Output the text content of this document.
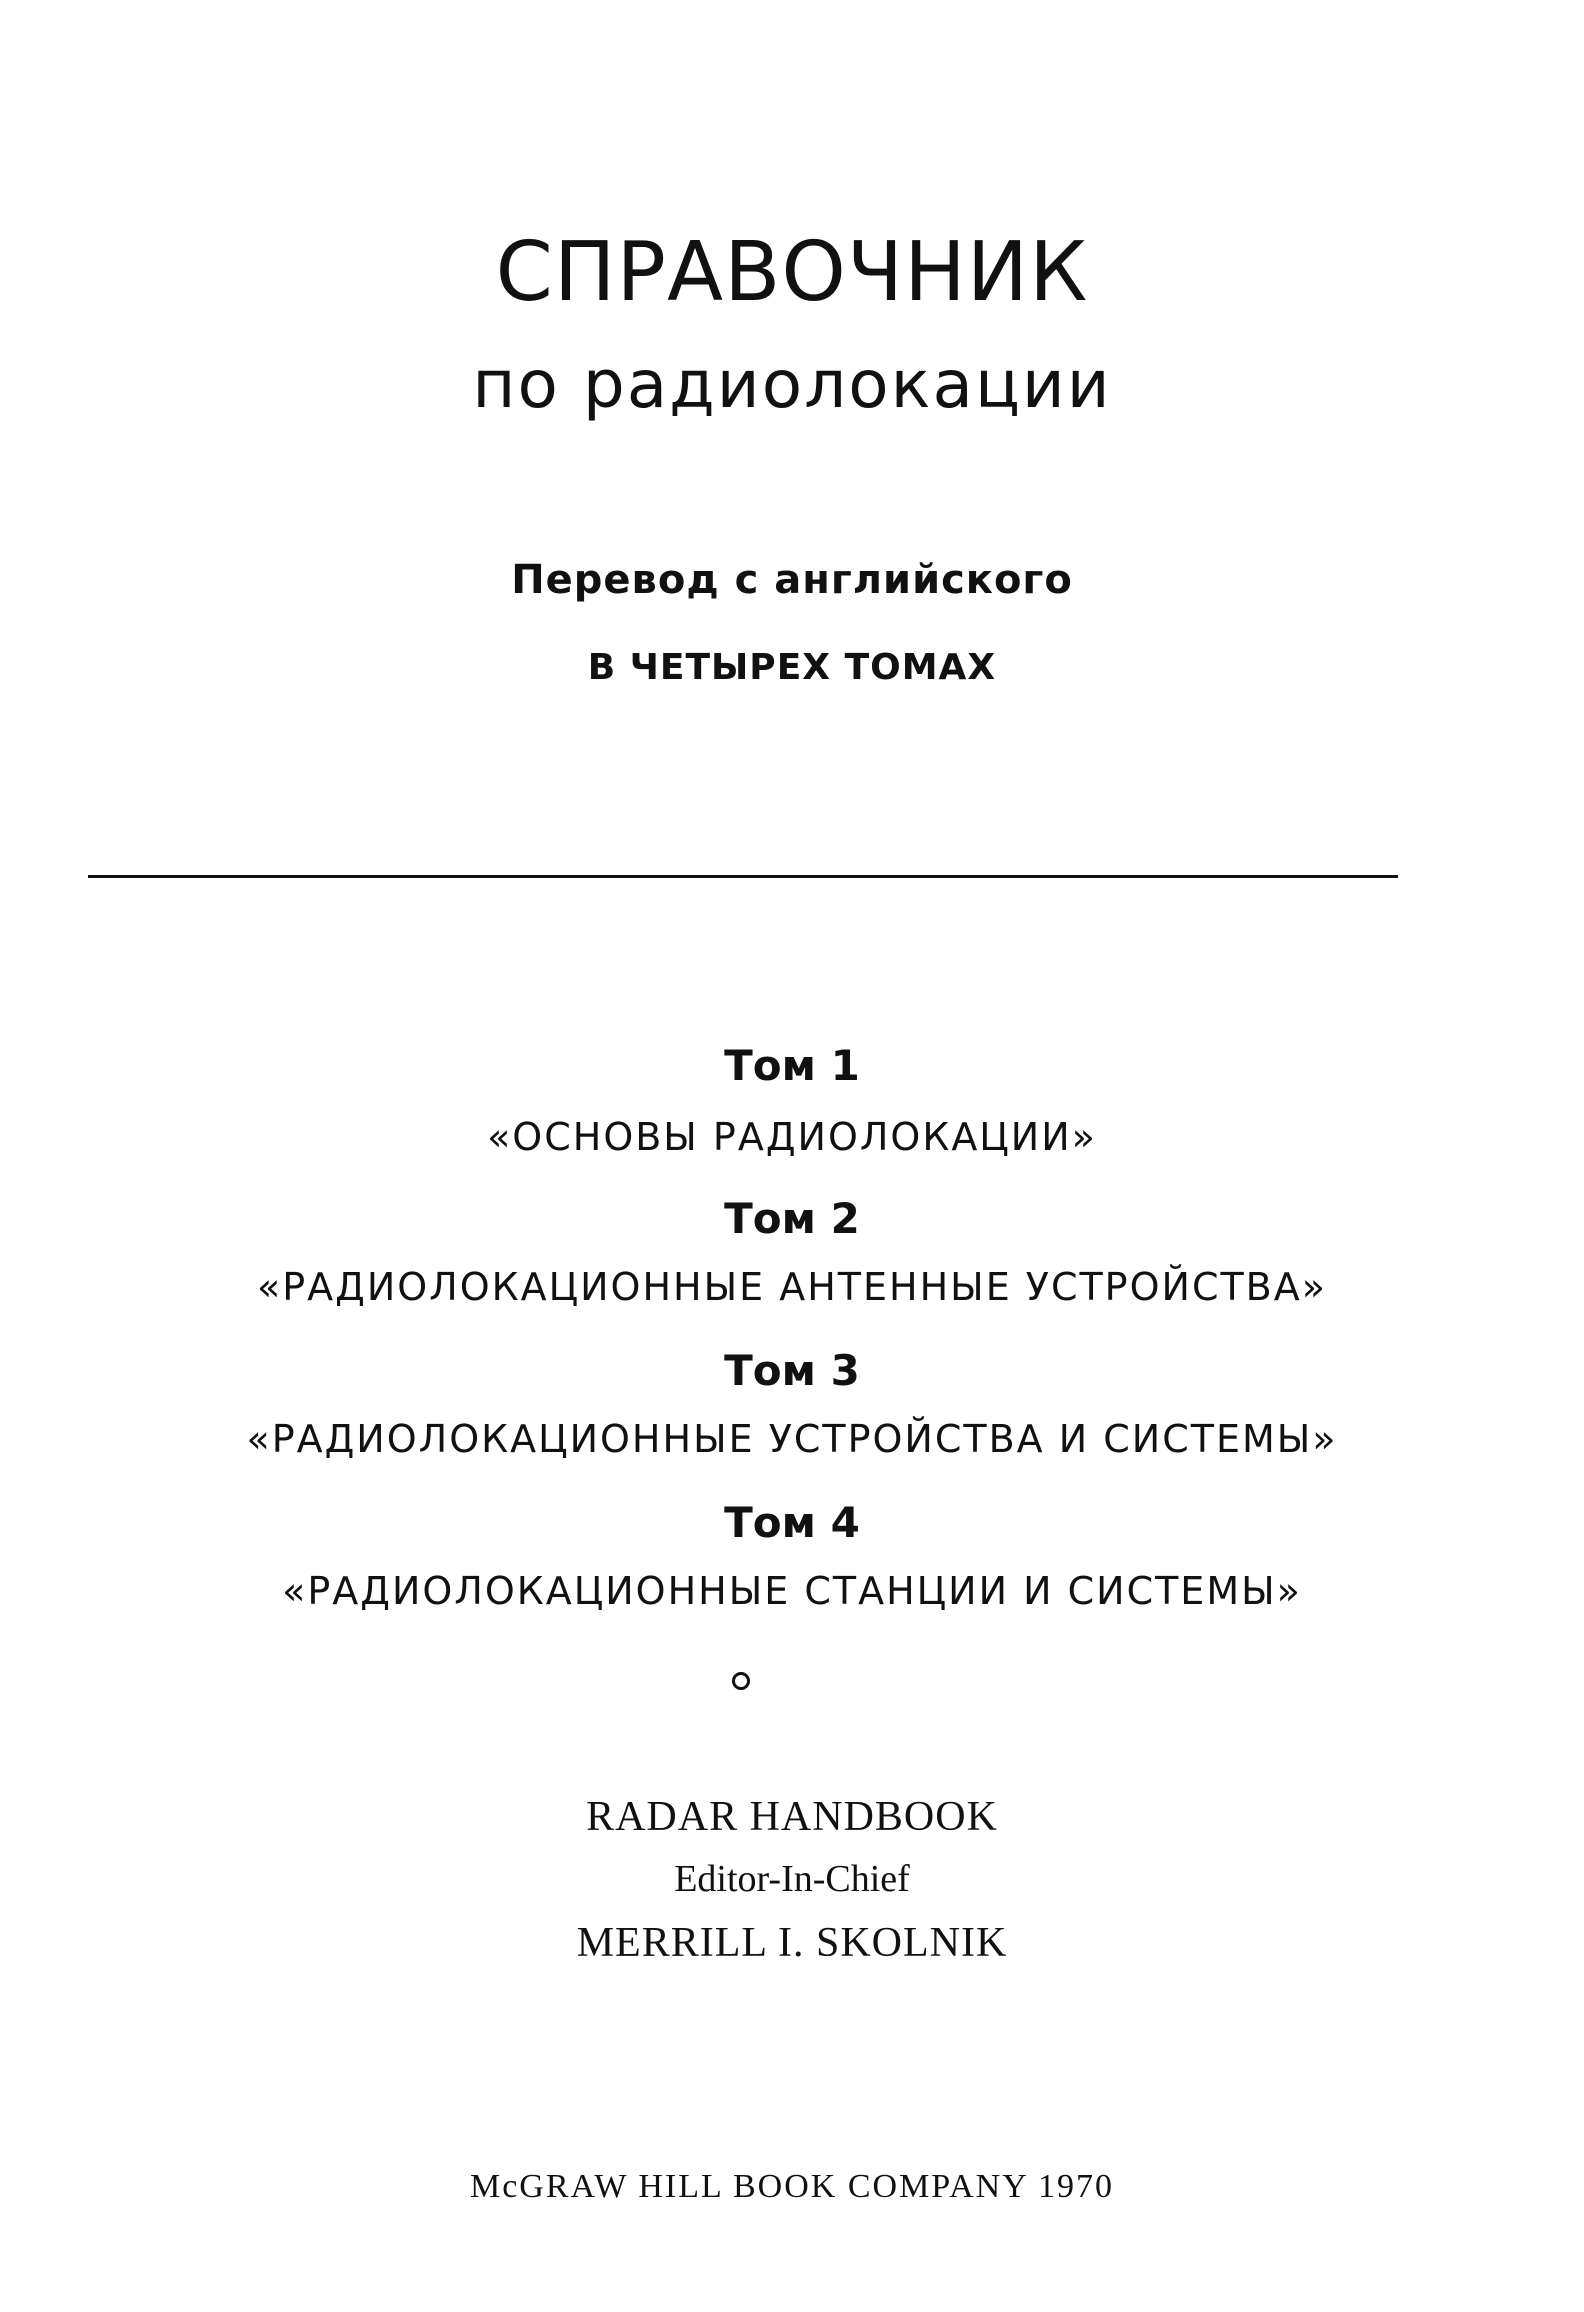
СПРАВОЧНИК
по радиолокации
Перевод с английского
В ЧЕТЫРЕХ ТОМАХ
Том 1
«ОСНОВЫ РАДИОЛОКАЦИИ»
Том 2
«РАДИОЛОКАЦИОННЫЕ АНТЕННЫЕ УСТРОЙСТВА»
Том 3
«РАДИОЛОКАЦИОННЫЕ УСТРОЙСТВА И СИСТЕМЫ»
Том 4
«РАДИОЛОКАЦИОННЫЕ СТАНЦИИ И СИСТЕМЫ»
RADAR HANDBOOK
Editor-In-Chief
MERRILL I. SKOLNIK
McGRAW HILL BOOK COMPANY 1970
